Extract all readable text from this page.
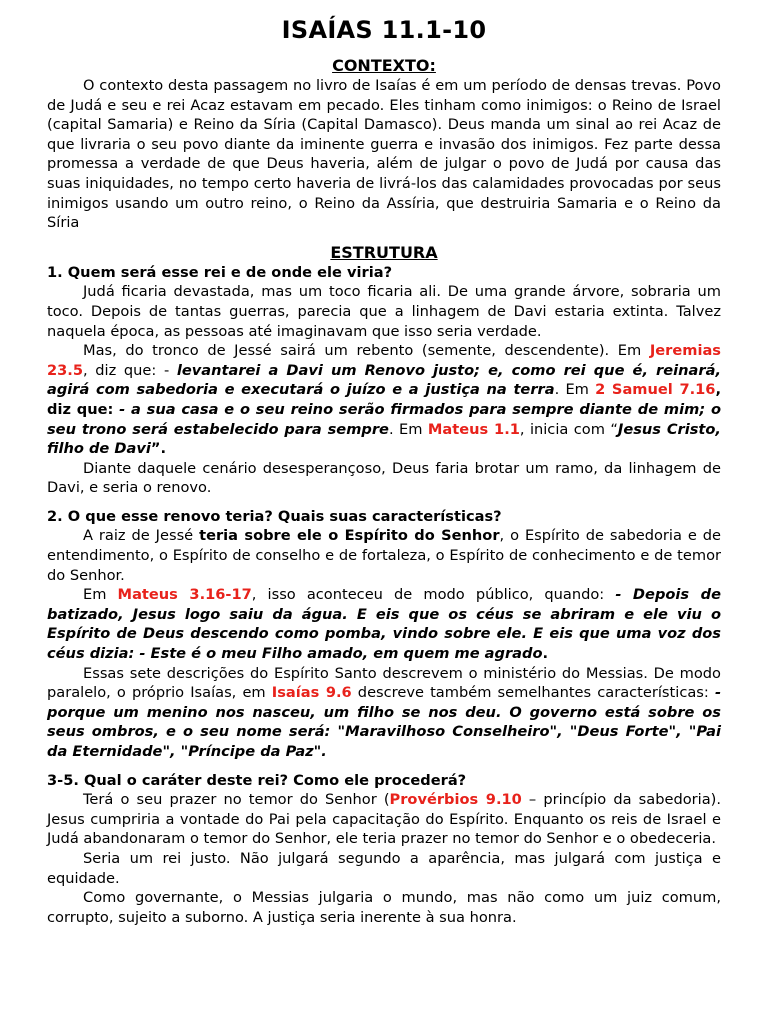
ISAÍAS 11.1-10
CONTEXTO:

O contexto desta passagem no livro de Isaías é em um período de densas trevas. Povo de Judá e seu e rei Acaz estavam em pecado. Eles tinham como inimigos: o Reino de Israel (capital Samaria) e Reino da Síria (Capital Damasco). Deus manda um sinal ao rei Acaz de que livraria o seu povo diante da iminente guerra e invasão dos inimigos. Fez parte dessa promessa a verdade de que Deus haveria, além de julgar o povo de Judá por causa das suas iniquidades, no tempo certo haveria de livrá-los das calamidades provocadas por seus inimigos usando um outro reino, o Reino da Assíria, que destruiria Samaria e o Reino da Síria

ESTRUTURA

1. Quem será esse rei e de onde ele viria?

Judá ficaria devastada, mas um toco ficaria ali. De uma grande árvore, sobraria um toco. Depois de tantas guerras, parecia que a linhagem de Davi estaria extinta. Talvez naquela época, as pessoas até imaginavam que isso seria verdade.

Mas, do tronco de Jessé sairá um rebento (semente, descendente). Em Jeremias 23.5, diz que: - levantarei a Davi um Renovo justo; e, como rei que é, reinará, agirá com sabedoria e executará o juízo e a justiça na terra. Em 2 Samuel 7.16, diz que: - a sua casa e o seu reino serão firmados para sempre diante de mim; o seu trono será estabelecido para sempre. Em Mateus 1.1, inicia com “Jesus Cristo, filho de Davi”.

Diante daquele cenário desesperançoso, Deus faria brotar um ramo, da linhagem de Davi, e seria o renovo.

2. O que esse renovo teria? Quais suas características?

A raiz de Jessé teria sobre ele o Espírito do Senhor, o Espírito de sabedoria e de entendimento, o Espírito de conselho e de fortaleza, o Espírito de conhecimento e de temor do Senhor.

Em Mateus 3.16-17, isso aconteceu de modo público, quando: - Depois de batizado, Jesus logo saiu da água. E eis que os céus se abriram e ele viu o Espírito de Deus descendo como pomba, vindo sobre ele. E eis que uma voz dos céus dizia: - Este é o meu Filho amado, em quem me agrado.

Essas sete descrições do Espírito Santo descrevem o ministério do Messias. De modo paralelo, o próprio Isaías, em Isaías 9.6 descreve também semelhantes características: - porque um menino nos nasceu, um filho se nos deu. O governo está sobre os seus ombros, e o seu nome será: "Maravilhoso Conselheiro", "Deus Forte", "Pai da Eternidade", "Príncipe da Paz".

3-5. Qual o caráter deste rei? Como ele procederá?

Terá o seu prazer no temor do Senhor (Provérbios 9.10 – princípio da sabedoria). Jesus cumpriria a vontade do Pai pela capacitação do Espírito. Enquanto os reis de Israel e Judá abandonaram o temor do Senhor, ele teria prazer no temor do Senhor e o obedeceria.

Seria um rei justo. Não julgará segundo a aparência, mas julgará com justiça e equidade.

Como governante, o Messias julgaria o mundo, mas não como um juiz comum, corrupto, sujeito a suborno. A justiça seria inerente à sua honra.
